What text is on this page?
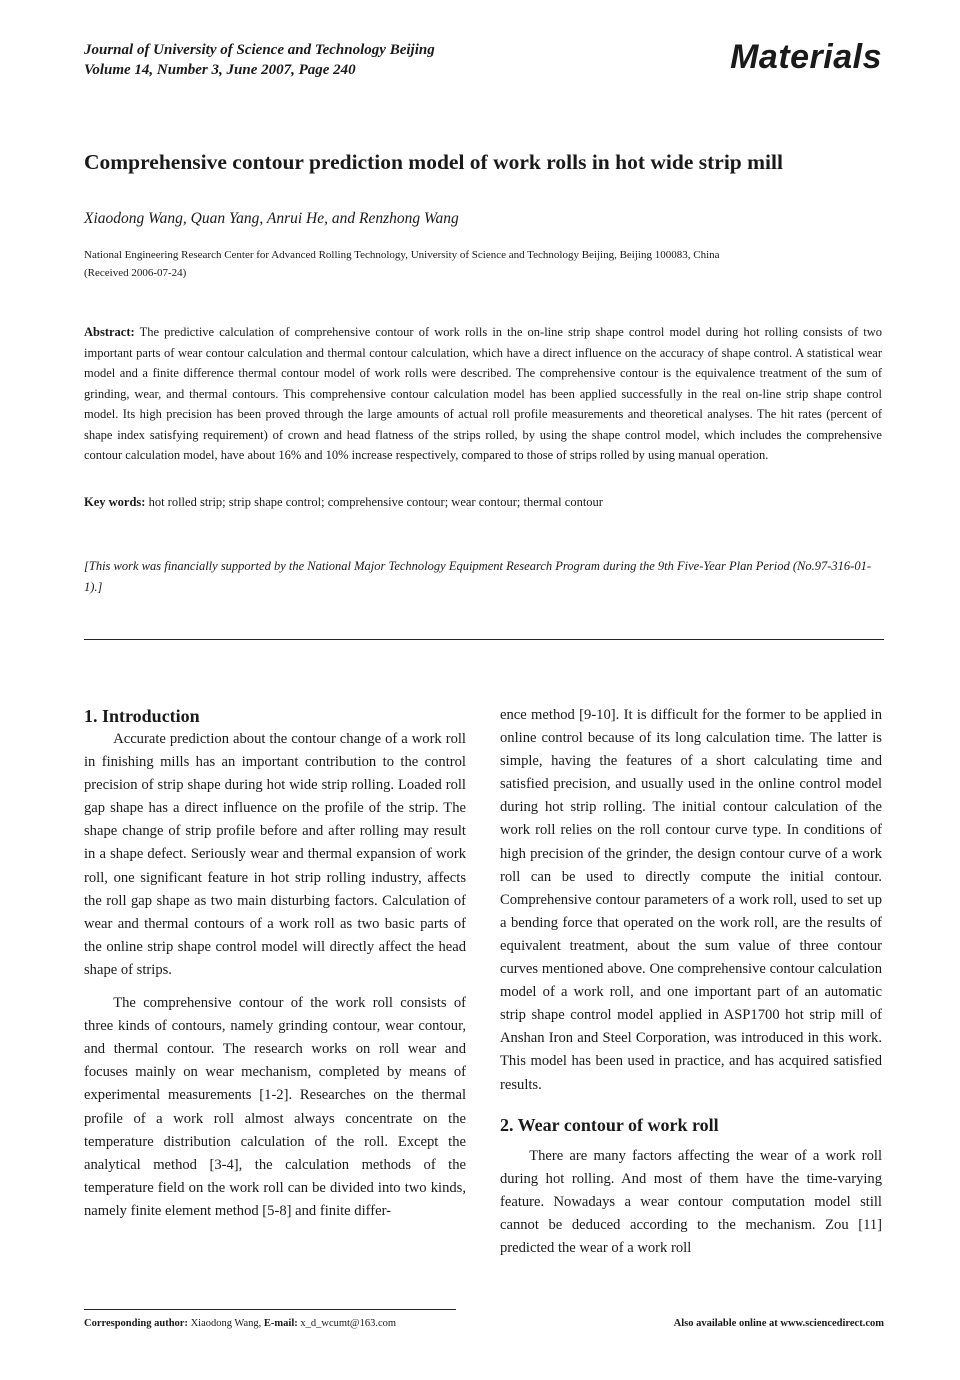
Journal of University of Science and Technology Beijing
Volume 14, Number 3, June 2007, Page 240	Materials
Comprehensive contour prediction model of work rolls in hot wide strip mill
Xiaodong Wang, Quan Yang, Anrui He, and Renzhong Wang
National Engineering Research Center for Advanced Rolling Technology, University of Science and Technology Beijing, Beijing 100083, China
(Received 2006-07-24)
Abstract: The predictive calculation of comprehensive contour of work rolls in the on-line strip shape control model during hot rolling consists of two important parts of wear contour calculation and thermal contour calculation, which have a direct influence on the accuracy of shape control. A statistical wear model and a finite difference thermal contour model of work rolls were described. The comprehensive contour is the equivalence treatment of the sum of grinding, wear, and thermal contours. This comprehensive contour calculation model has been applied successfully in the real on-line strip shape control model. Its high precision has been proved through the large amounts of actual roll profile measurements and theoretical analyses. The hit rates (percent of shape index satisfying requirement) of crown and head flatness of the strips rolled, by using the shape control model, which includes the comprehensive contour calculation model, have about 16% and 10% increase respectively, compared to those of strips rolled by using manual operation.
Key words: hot rolled strip; strip shape control; comprehensive contour; wear contour; thermal contour
[This work was financially supported by the National Major Technology Equipment Research Program during the 9th Five-Year Plan Period (No.97-316-01-1).]

1. Introduction

Accurate prediction about the contour change of a work roll in finishing mills has an important contribution to the control precision of strip shape during hot wide strip rolling. Loaded roll gap shape has a direct influence on the profile of the strip. The shape change of strip profile before and after rolling may result in a shape defect. Seriously wear and thermal expansion of work roll, one significant feature in hot strip rolling industry, affects the roll gap shape as two main disturbing factors. Calculation of wear and thermal contours of a work roll as two basic parts of the online strip shape control model will directly affect the head shape of strips.

The comprehensive contour of the work roll consists of three kinds of contours, namely grinding contour, wear contour, and thermal contour. The research works on roll wear and focuses mainly on wear mechanism, completed by means of experimental measurements [1-2]. Researches on the thermal profile of a work roll almost always concentrate on the temperature distribution calculation of the roll. Except the analytical method [3-4], the calculation methods of the temperature field on the work roll can be divided into two kinds, namely finite element method [5-8] and finite differ-

ence method [9-10]. It is difficult for the former to be applied in online control because of its long calculation time. The latter is simple, having the features of a short calculating time and satisfied precision, and usually used in the online control model during hot strip rolling. The initial contour calculation of the work roll relies on the roll contour curve type. In conditions of high precision of the grinder, the design contour curve of a work roll can be used to directly compute the initial contour. Comprehensive contour parameters of a work roll, used to set up a bending force that operated on the work roll, are the results of equivalent treatment, about the sum value of three contour curves mentioned above. One comprehensive contour calculation model of a work roll, and one important part of an automatic strip shape control model applied in ASP1700 hot strip mill of Anshan Iron and Steel Corporation, was introduced in this work. This model has been used in practice, and has acquired satisfied results.

2. Wear contour of work roll

There are many factors affecting the wear of a work roll during hot rolling. And most of them have the time-varying feature. Nowadays a wear contour computation model still cannot be deduced according to the mechanism. Zou [11] predicted the wear of a work roll

Corresponding author: Xiaodong Wang, E-mail: x_d_wcumt@163.com	Also available online at www.sciencedirect.com
